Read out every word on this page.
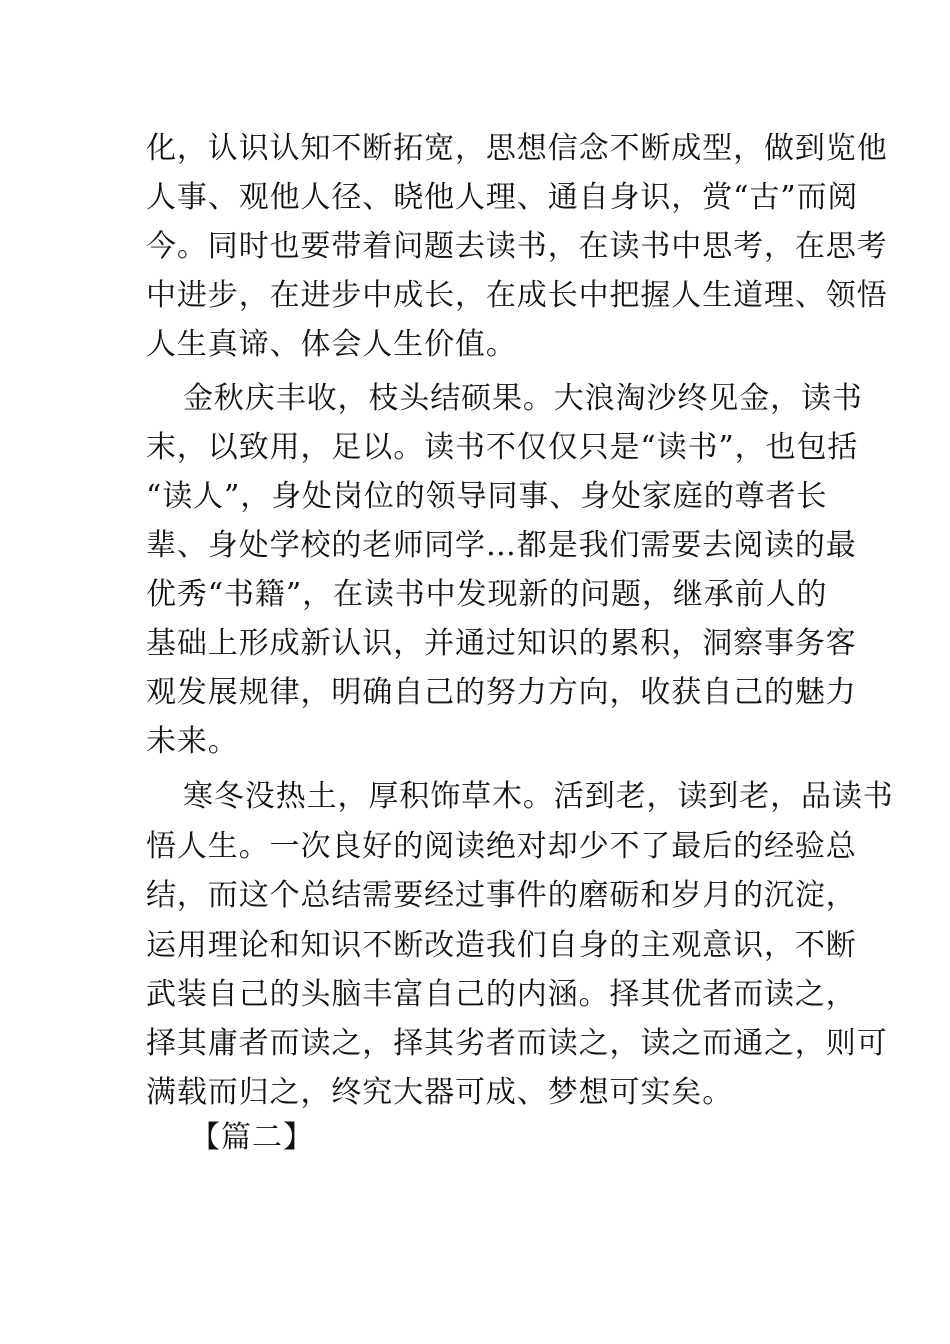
化，认识认知不断拓宽，思想信念不断成型，做到览他
人事、观他人径、晓他人理、通自身识，赏“古”而阅
今。同时也要带着问题去读书，在读书中思考，在思考
中进步，在进步中成长，在成长中把握人生道理、领悟
人生真谛、体会人生价值。
金秋庆丰收，枝头结硕果。大浪淘沙终见金，读书
末，以致用，足以。读书不仅仅只是“读书”，也包括
“读人”，身处岗位的领导同事、身处家庭的尊者长
辈、身处学校的老师同学…都是我们需要去阅读的最
优秀“书籍”，在读书中发现新的问题，继承前人的
基础上形成新认识，并通过知识的累积，洞察事务客
观发展规律，明确自己的努力方向，收获自己的魅力
未来。
寒冬没热土，厚积饰草木。活到老，读到老，品读书
悟人生。一次良好的阅读绝对却少不了最后的经验总
结，而这个总结需要经过事件的磨砺和岁月的沉淀，
运用理论和知识不断改造我们自身的主观意识，不断
武装自己的头脑丰富自己的内涵。择其优者而读之，
择其庸者而读之，择其劣者而读之，读之而通之，则可
满载而归之，终究大器可成、梦想可实矣。
【篇二】
